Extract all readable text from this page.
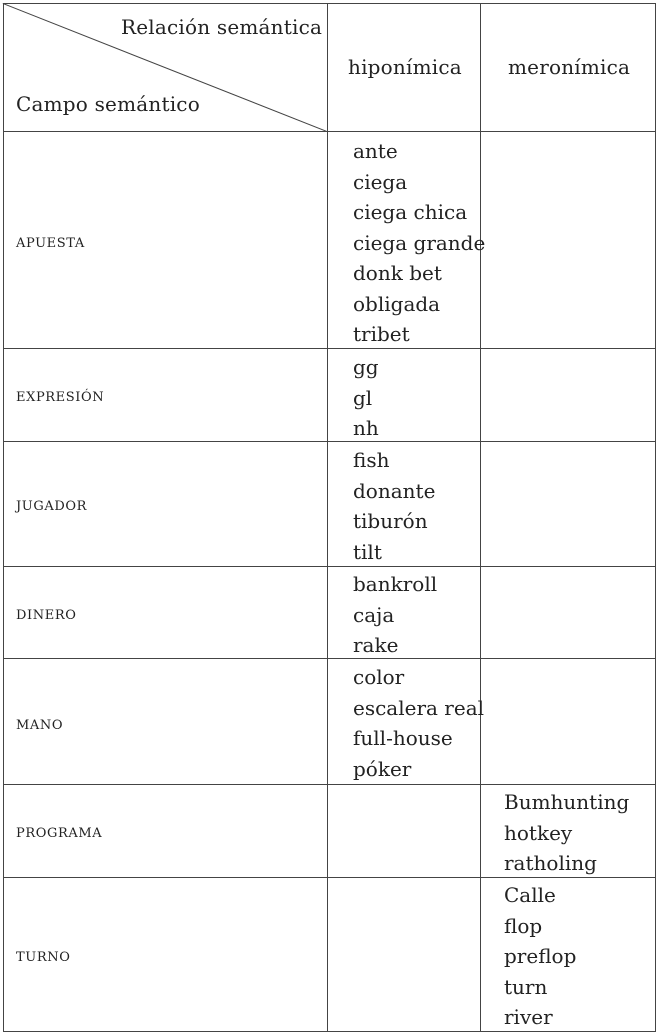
Relación semántica
Campo semántico
hiponímica meronímica
APUESTA
ante
ciega
ciega chica
ciega grande
donk bet
obligada
tribet
EXPRESIÓN
gg
gl
nh
JUGADOR
fish
donante
tiburón
tilt
DINERO
bankroll
caja
rake
MANO
color
escalera real
full-house
póker
PROGRAMA
Bumhunting
hotkey
ratholing
TURNO
Calle
flop
preflop
turn
river
